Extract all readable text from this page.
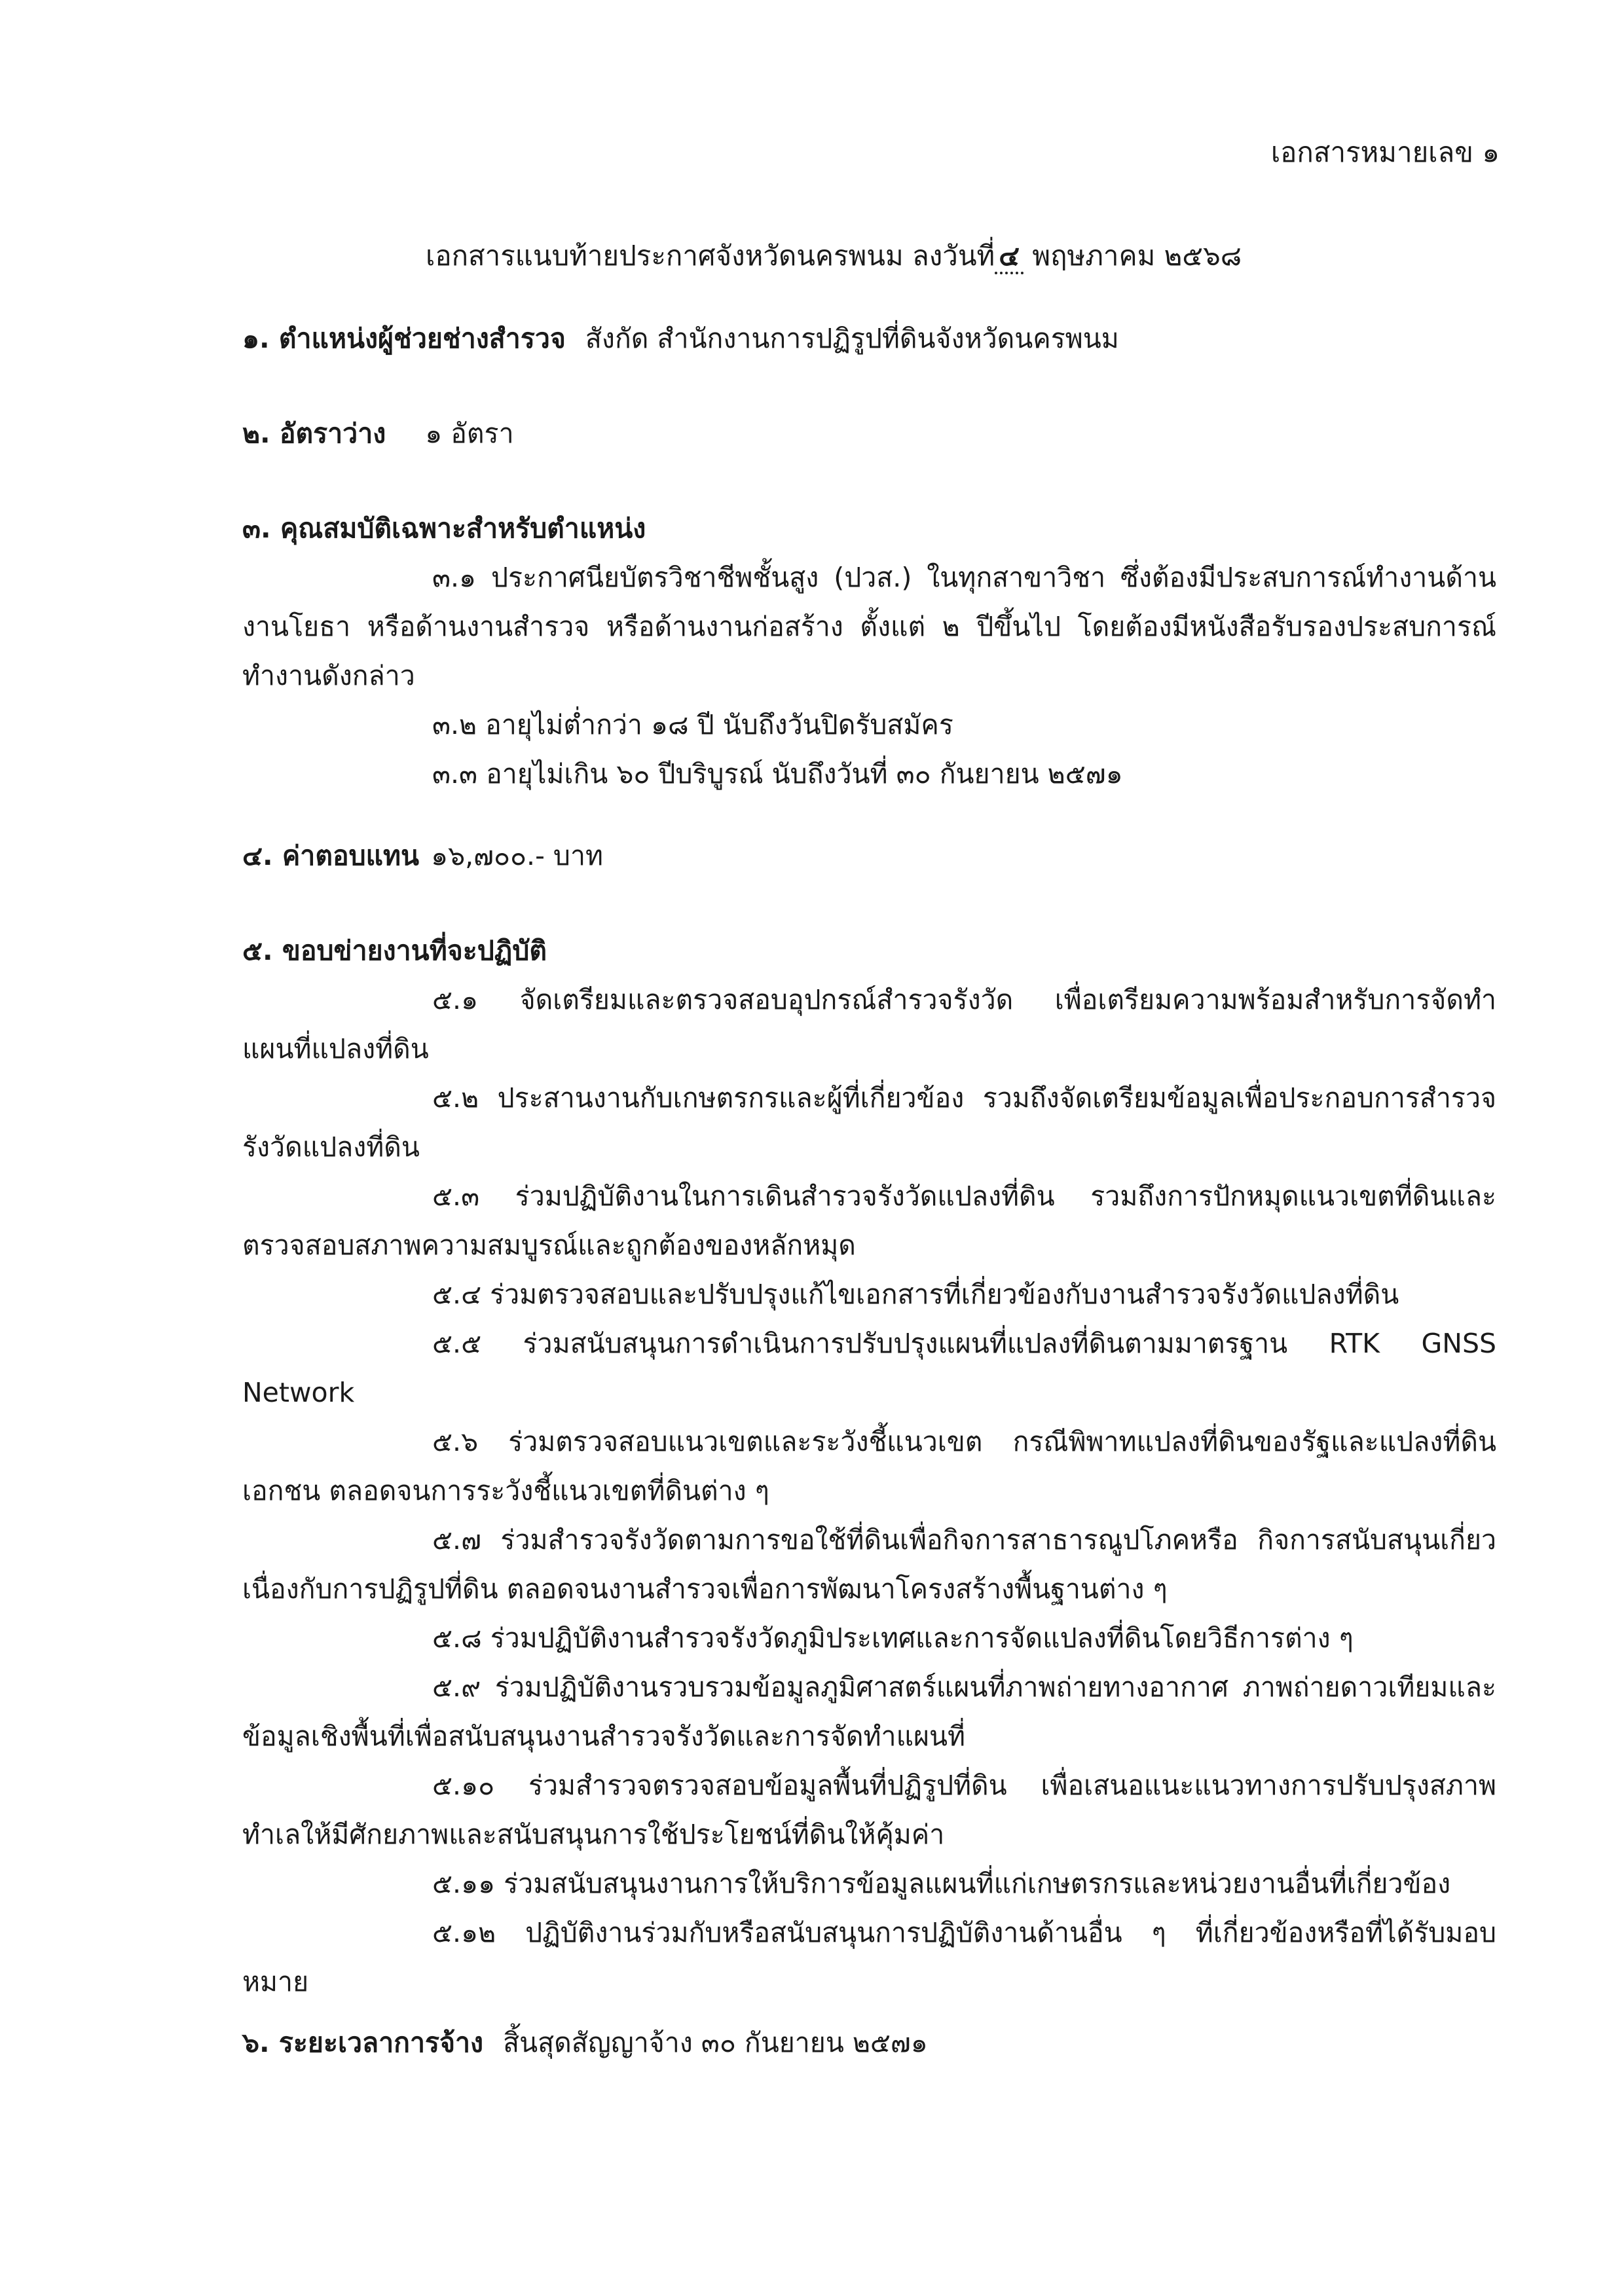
เอกสารหมายเลข ๑
เอกสารแนบท้ายประกาศจังหวัดนครพนม ลงวันที่ ๔ พฤษภาคม ๒๕๖๘
๑. ตำแหน่งผู้ช่วยช่างสำรวจ สังกัด สำนักงานการปฏิรูปที่ดินจังหวัดนครพนม
๒. อัตราว่าง ๑ อัตรา
๓. คุณสมบัติเฉพาะสำหรับตำแหน่ง

๓.๑ ประกาศนียบัตรวิชาชีพชั้นสูง (ปวส.) ในทุกสาขาวิชา ซึ่งต้องมีประสบการณ์ทำงานด้านงานโยธา หรือด้านงานสำรวจ หรือด้านงานก่อสร้าง ตั้งแต่ ๒ ปีขึ้นไป โดยต้องมีหนังสือรับรองประสบการณ์ทำงานดังกล่าว

๓.๒ อายุไม่ต่ำกว่า ๑๘ ปี นับถึงวันปิดรับสมัคร

๓.๓ อายุไม่เกิน ๖๐ ปีบริบูรณ์ นับถึงวันที่ ๓๐ กันยายน ๒๕๗๑

๔. ค่าตอบแทน ๑๖,๗๐๐.- บาท
๕. ขอบข่ายงานที่จะปฏิบัติ

๕.๑ จัดเตรียมและตรวจสอบอุปกรณ์สำรวจรังวัด เพื่อเตรียมความพร้อมสำหรับการจัดทำแผนที่แปลงที่ดิน

๕.๒ ประสานงานกับเกษตรกรและผู้ที่เกี่ยวข้อง รวมถึงจัดเตรียมข้อมูลเพื่อประกอบการสำรวจรังวัดแปลงที่ดิน

๕.๓ ร่วมปฏิบัติงานในการเดินสำรวจรังวัดแปลงที่ดิน รวมถึงการปักหมุดแนวเขตที่ดินและตรวจสอบสภาพความสมบูรณ์และถูกต้องของหลักหมุด

๕.๔ ร่วมตรวจสอบและปรับปรุงแก้ไขเอกสารที่เกี่ยวข้องกับงานสำรวจรังวัดแปลงที่ดิน

๕.๕ ร่วมสนับสนุนการดำเนินการปรับปรุงแผนที่แปลงที่ดินตามมาตรฐาน RTK GNSS Network

๕.๖ ร่วมตรวจสอบแนวเขตและระวังชี้แนวเขต กรณีพิพาทแปลงที่ดินของรัฐและแปลงที่ดินเอกชน ตลอดจนการระวังชี้แนวเขตที่ดินต่าง ๆ

๕.๗ ร่วมสำรวจรังวัดตามการขอใช้ที่ดินเพื่อกิจการสาธารณูปโภคหรือ กิจการสนับสนุนเกี่ยวเนื่องกับการปฏิรูปที่ดิน ตลอดจนงานสำรวจเพื่อการพัฒนาโครงสร้างพื้นฐานต่าง ๆ

๕.๘ ร่วมปฏิบัติงานสำรวจรังวัดภูมิประเทศและการจัดแปลงที่ดินโดยวิธีการต่าง ๆ

๕.๙ ร่วมปฏิบัติงานรวบรวมข้อมูลภูมิศาสตร์แผนที่ภาพถ่ายทางอากาศ ภาพถ่ายดาวเทียมและข้อมูลเชิงพื้นที่เพื่อสนับสนุนงานสำรวจรังวัดและการจัดทำแผนที่

๕.๑๐ ร่วมสำรวจตรวจสอบข้อมูลพื้นที่ปฏิรูปที่ดิน เพื่อเสนอแนะแนวทางการปรับปรุงสภาพทำเลให้มีศักยภาพและสนับสนุนการใช้ประโยชน์ที่ดินให้คุ้มค่า

๕.๑๑ ร่วมสนับสนุนงานการให้บริการข้อมูลแผนที่แก่เกษตรกรและหน่วยงานอื่นที่เกี่ยวข้อง

๕.๑๒ ปฏิบัติงานร่วมกับหรือสนับสนุนการปฏิบัติงานด้านอื่น ๆ ที่เกี่ยวข้องหรือที่ได้รับมอบหมาย

๖. ระยะเวลาการจ้าง สิ้นสุดสัญญาจ้าง ๓๐ กันยายน ๒๕๗๑
